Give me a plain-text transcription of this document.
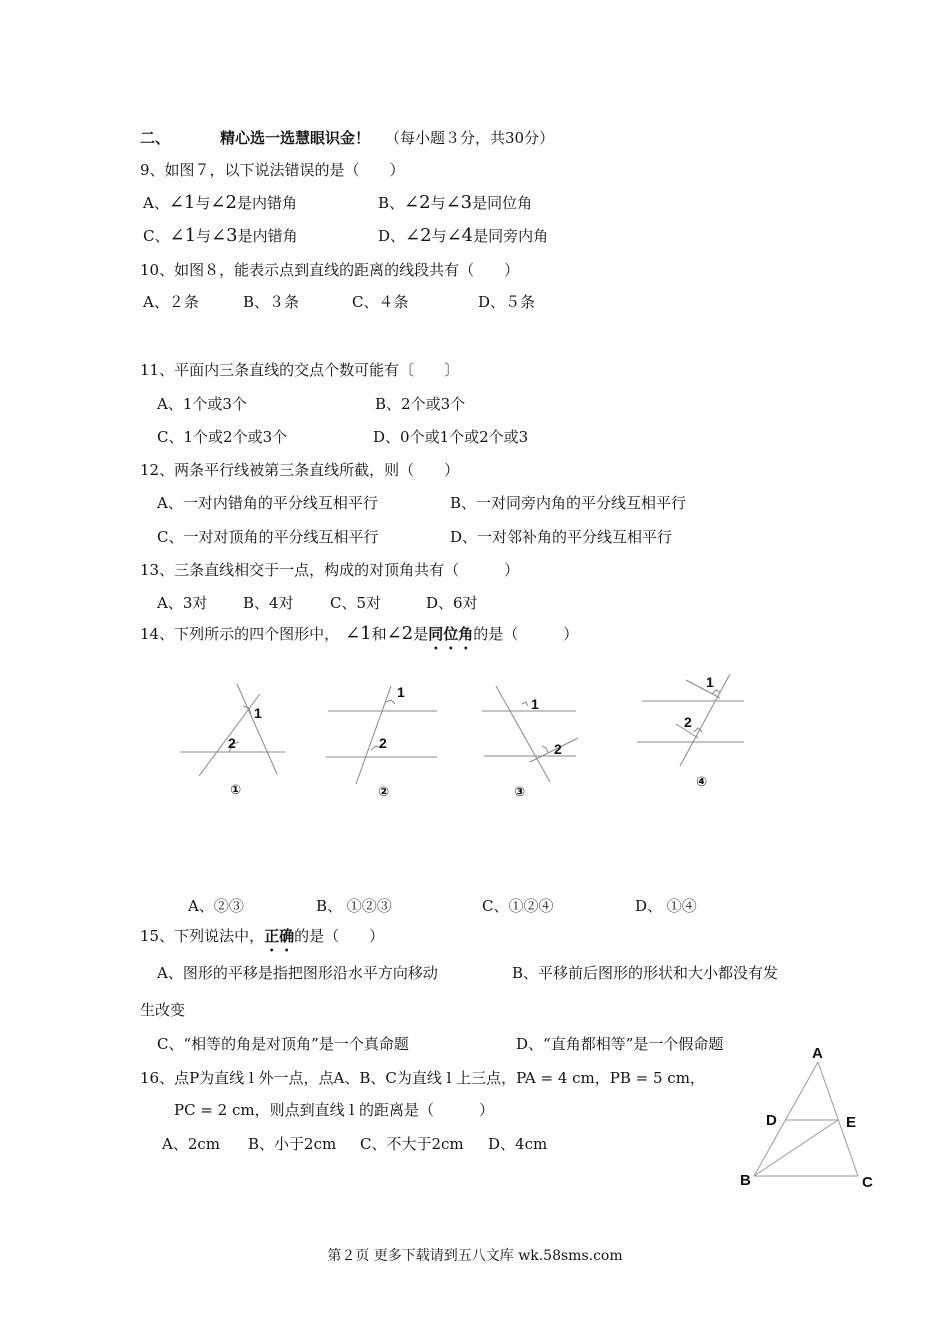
二、	精心选一选慧眼识金！ （每小题３分，共30分）
9、如图７，以下说法错误的是（　　）
A、∠1与∠2是内错角	B、∠2与∠3是同位角
C、∠1与∠3是内错角	D、∠2与∠4是同旁内角
10、如图８，能表示点到直线的距离的线段共有（　　）
A、２条	B、３条	C、４条	D、５条
11、平面内三条直线的交点个数可能有〔　　〕
A、1个或3个	B、2个或3个
C、1个或2个或3个	D、0个或1个或2个或3
12、两条平行线被第三条直线所截，则（　　）
A、一对内错角的平分线互相平行	B、一对同旁内角的平分线互相平行
C、一对对顶角的平分线互相平行	D、一对邻补角的平分线互相平行
13、三条直线相交于一点，构成的对顶角共有（　　　）
A、3对 B、4对 C、5对	D、6对
14、下列所示的四个图形中， ∠1和∠2是同位角的是（　　　）
1
2
①
1
2
②
1
2
③
1
2
④
A、②③	B、 ①②③	C、①②④	D、 ①④
15、下列说法中，正确的是（　　）
A、图形的平移是指把图形沿水平方向移动	B、平移前后图形的形状和大小都没有发
生改变
C、“相等的角是对顶角”是一个真命题	D、“直角都相等”是一个假命题
16、点P为直线 l 外一点，点A、B、C为直线 l 上三点，PA = 4 cm，PB = 5 cm，
PC = 2 cm，则点到直线 l 的距离是（　　　）
A、2cm B、小于2cm C、不大于2cm D、4cm
A
D	E
B	C
第２页 更多下载请到五八文库 wk.58sms.com
